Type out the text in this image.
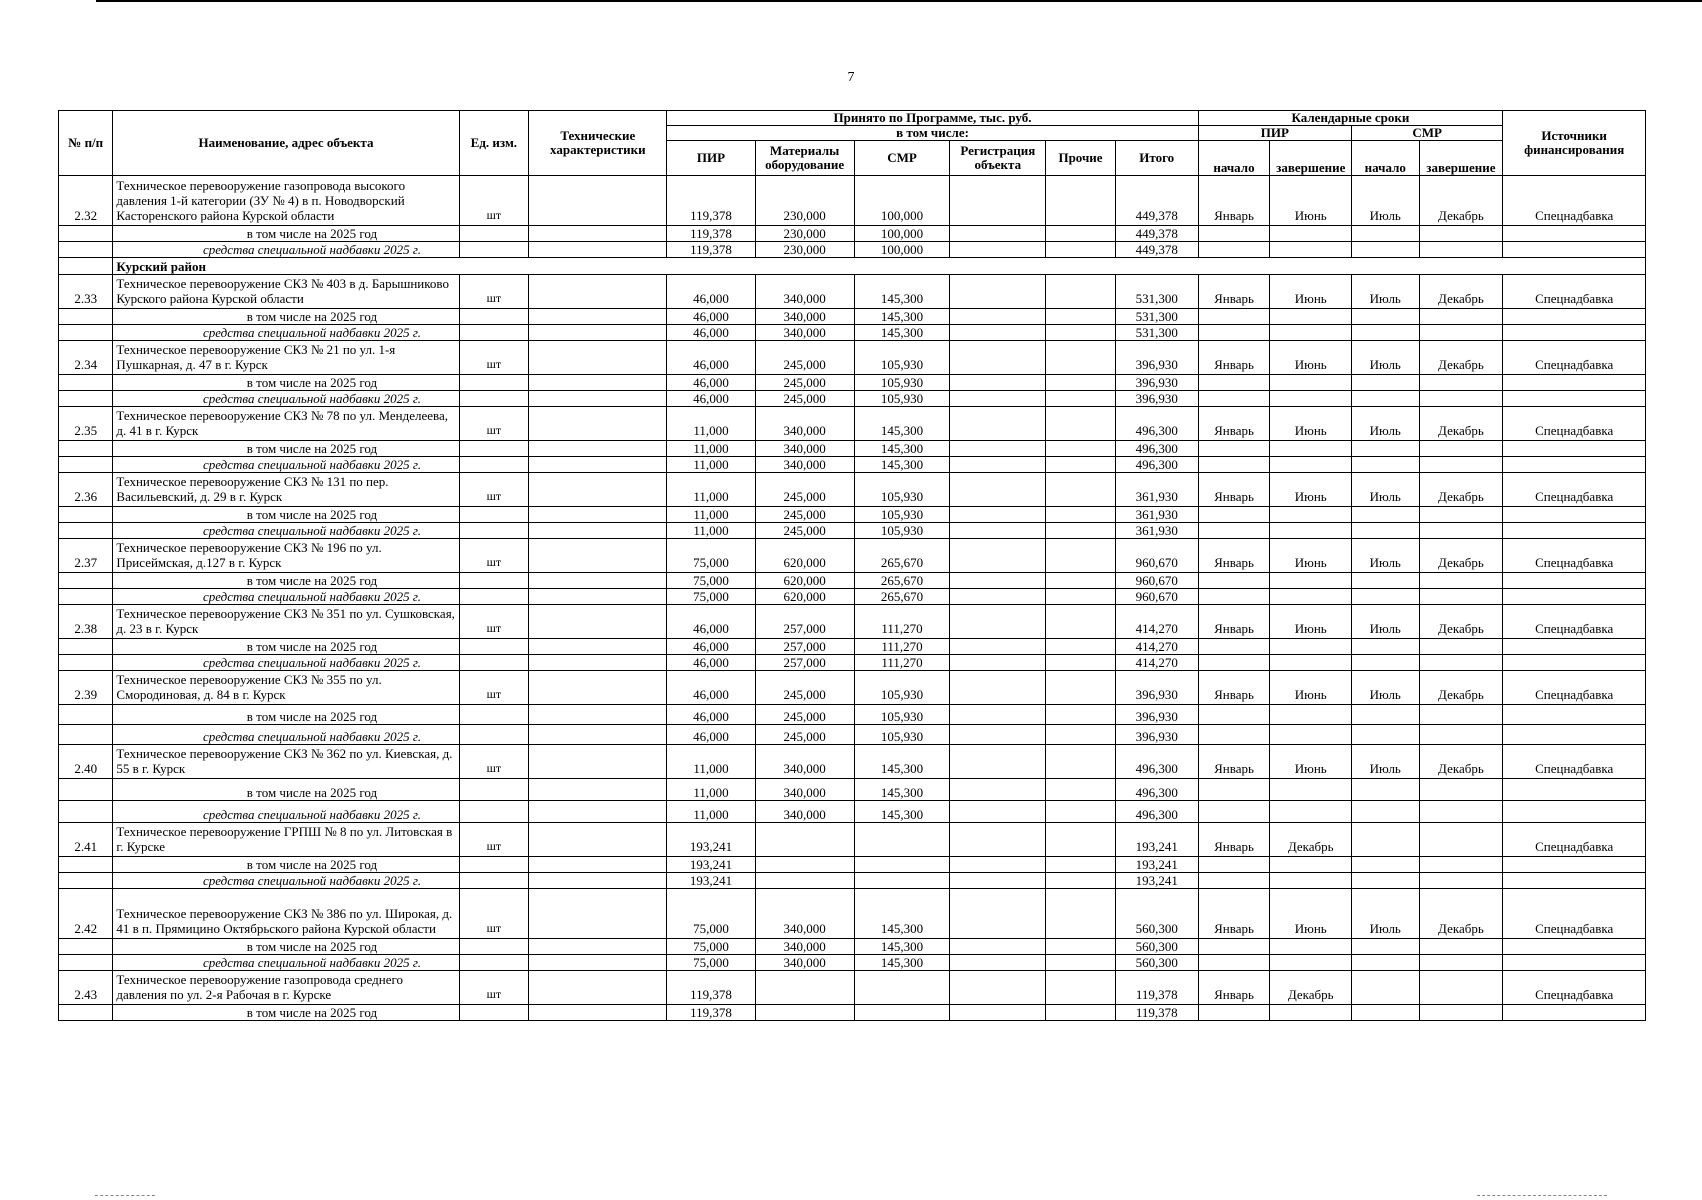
7
№ п/п	Наименование, адрес объекта	Ед. изм.	Технические характеристики	Принято по Программе, тыс. руб.						Календарные сроки				Источники финансирования
				в том числе:						ПИР		СМР		
				ПИР	Материалы оборудование	СМР	Регистрация объекта	Прочие	Итого	начало	завершение	начало	завершение	
2.32	Техническое перевооружение газопровода высокого давления 1-й категории (ЗУ № 4) в п. Новодворский Касторенского района Курской области	шт		119,378	230,000	100,000			449,378	Январь	Июнь	Июль	Декабрь	Спецнадбавка
	в том числе на 2025 год			119,378	230,000	100,000			449,378					
	средства специальной надбавки 2025 г.			119,378	230,000	100,000			449,378					
	Курский район													
2.33	Техническое перевооружение СКЗ № 403 в д. Барышниково Курского района Курской области	шт		46,000	340,000	145,300			531,300	Январь	Июнь	Июль	Декабрь	Спецнадбавка
	в том числе на 2025 год			46,000	340,000	145,300			531,300					
	средства специальной надбавки 2025 г.			46,000	340,000	145,300			531,300					
2.34	Техническое перевооружение СКЗ № 21 по ул. 1-я Пушкарная, д. 47 в г. Курск	шт		46,000	245,000	105,930			396,930	Январь	Июнь	Июль	Декабрь	Спецнадбавка
	в том числе на 2025 год			46,000	245,000	105,930			396,930					
	средства специальной надбавки 2025 г.			46,000	245,000	105,930			396,930					
2.35	Техническое перевооружение СКЗ № 78 по ул. Менделеева, д. 41 в г. Курск	шт		11,000	340,000	145,300			496,300	Январь	Июнь	Июль	Декабрь	Спецнадбавка
	в том числе на 2025 год			11,000	340,000	145,300			496,300					
	средства специальной надбавки 2025 г.			11,000	340,000	145,300			496,300					
2.36	Техническое перевооружение СКЗ № 131 по пер. Васильевский, д. 29 в г. Курск	шт		11,000	245,000	105,930			361,930	Январь	Июнь	Июль	Декабрь	Спецнадбавка
	в том числе на 2025 год			11,000	245,000	105,930			361,930					
	средства специальной надбавки 2025 г.			11,000	245,000	105,930			361,930					
2.37	Техническое перевооружение СКЗ № 196 по ул. Присеймская, д.127 в г. Курск	шт		75,000	620,000	265,670			960,670	Январь	Июнь	Июль	Декабрь	Спецнадбавка
	в том числе на 2025 год			75,000	620,000	265,670			960,670					
	средства специальной надбавки 2025 г.			75,000	620,000	265,670			960,670					
2.38	Техническое перевооружение СКЗ № 351 по ул. Сушковская, д. 23 в г. Курск	шт		46,000	257,000	111,270			414,270	Январь	Июнь	Июль	Декабрь	Спецнадбавка
	в том числе на 2025 год			46,000	257,000	111,270			414,270					
	средства специальной надбавки 2025 г.			46,000	257,000	111,270			414,270					
2.39	Техническое перевооружение СКЗ № 355 по ул. Смородиновая, д. 84 в г. Курск	шт		46,000	245,000	105,930			396,930	Январь	Июнь	Июль	Декабрь	Спецнадбавка
	в том числе на 2025 год			46,000	245,000	105,930			396,930					
	средства специальной надбавки 2025 г.			46,000	245,000	105,930			396,930					
2.40	Техническое перевооружение СКЗ № 362 по ул. Киевская, д. 55 в г. Курск	шт		11,000	340,000	145,300			496,300	Январь	Июнь	Июль	Декабрь	Спецнадбавка
	в том числе на 2025 год			11,000	340,000	145,300			496,300					
	средства специальной надбавки 2025 г.			11,000	340,000	145,300			496,300					
2.41	Техническое перевооружение ГРПШ № 8 по ул. Литовская в г. Курске	шт		193,241					193,241	Январь	Декабрь			Спецнадбавка
	в том числе на 2025 год			193,241					193,241					
	средства специальной надбавки 2025 г.			193,241					193,241					
2.42	Техническое перевооружение СКЗ № 386 по ул. Широкая, д. 41 в п. Прямицино Октябрьского района Курской области	шт		75,000	340,000	145,300			560,300	Январь	Июнь	Июль	Декабрь	Спецнадбавка
	в том числе на 2025 год			75,000	340,000	145,300			560,300					
	средства специальной надбавки 2025 г.			75,000	340,000	145,300			560,300					
2.43	Техническое перевооружение газопровода среднего давления по ул. 2-я Рабочая в г. Курске	шт		119,378					119,378	Январь	Декабрь			Спецнадбавка
	в том числе на 2025 год			119,378					119,378					
